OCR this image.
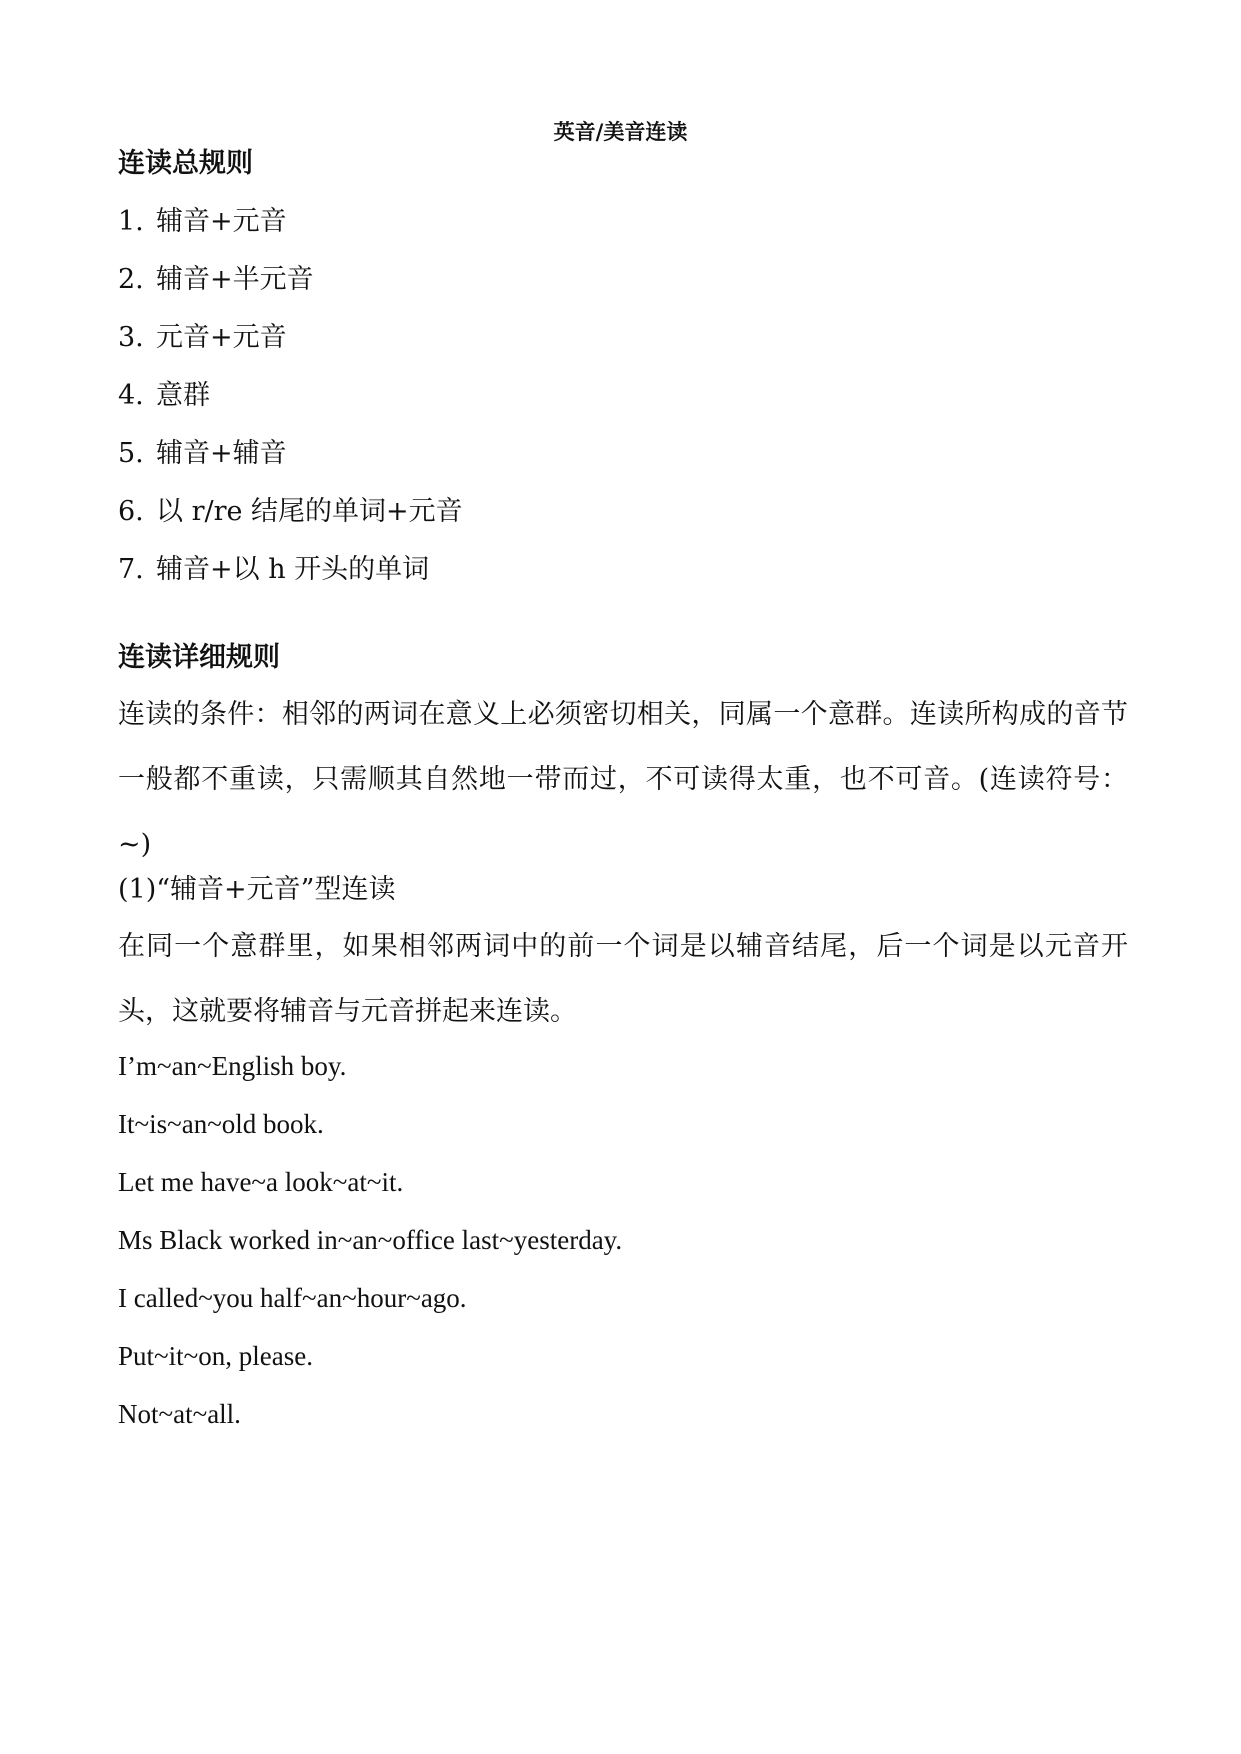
英音/美音连读
连读总规则
1. 辅音+元音
2. 辅音+半元音
3. 元音+元音
4. 意群
5. 辅音+辅音
6. 以 r/re 结尾的单词+元音
7. 辅音+以 h 开头的单词
连读详细规则
连读的条件：相邻的两词在意义上必须密切相关，同属一个意群。连读所构成的音节一般都不重读，只需顺其自然地一带而过，不可读得太重，也不可音。(连读符号：~)
(1)“辅音+元音”型连读
在同一个意群里，如果相邻两词中的前一个词是以辅音结尾，后一个词是以元音开头，这就要将辅音与元音拼起来连读。
I’m~an~English boy.
It~is~an~old book.
Let me have~a look~at~it.
Ms Black worked in~an~office last~yesterday.
I called~you half~an~hour~ago.
Put~it~on, please.
Not~at~all.
